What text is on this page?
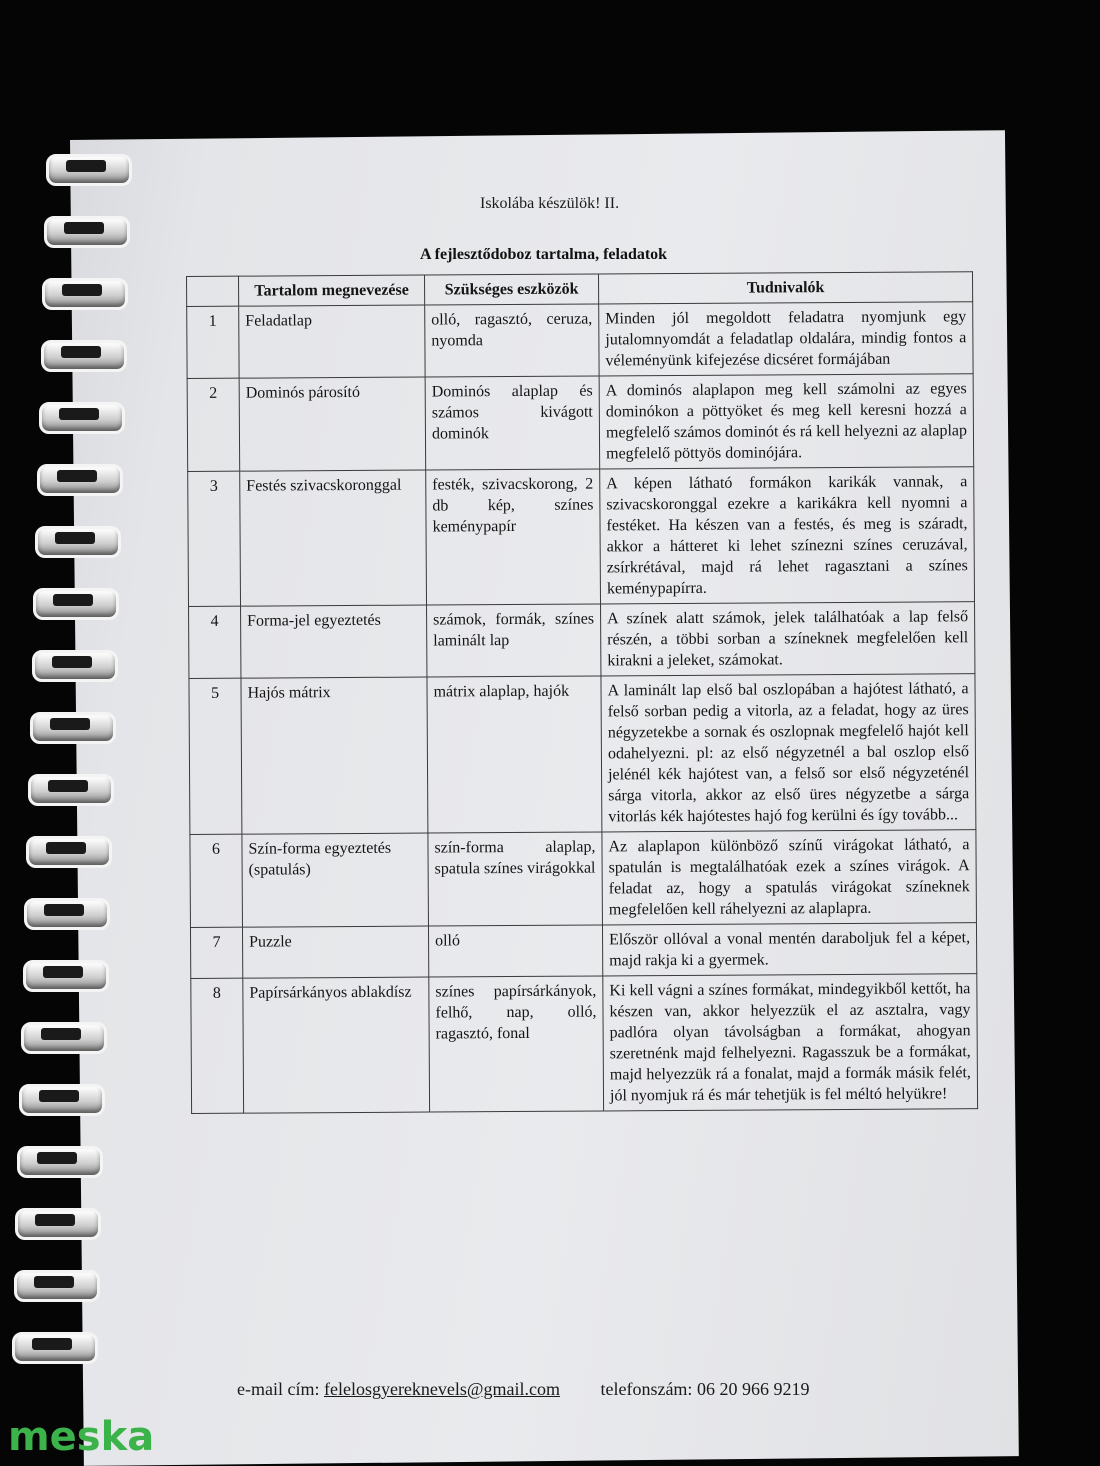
Iskolába készülök! II.
A fejlesztődoboz tartalma, feladatok
	Tartalom megnevezése	Szükséges eszközök	Tudnivalók
1	Feladatlap	olló, ragasztó, ceruza, nyomda	Minden jól megoldott feladatra nyomjunk egy jutalomnyomdát a feladatlap oldalára, mindig fontos a véleményünk kifejezése dicséret formájában
2	Dominós párosító	Dominós alaplap és számos kivágott dominók	A dominós alaplapon meg kell számolni az egyes dominókon a pöttyöket és meg kell keresni hozzá a megfelelő számos dominót és rá kell helyezni az alaplap megfelelő pöttyös dominójára.
3	Festés szivacskoronggal	festék, szivacskorong, 2 db kép, színes keménypapír	A képen látható formákon karikák vannak, a szivacskoronggal ezekre a karikákra kell nyomni a festéket. Ha készen van a festés, és meg is száradt, akkor a hátteret ki lehet színezni színes ceruzával, zsírkrétával, majd rá lehet ragasztani a színes keménypapírra.
4	Forma-jel egyeztetés	számok, formák, színes laminált lap	A színek alatt számok, jelek találhatóak a lap felső részén, a többi sorban a színeknek megfelelően kell kirakni a jeleket, számokat.
5	Hajós mátrix	mátrix alaplap, hajók	A laminált lap első bal oszlopában a hajótest látható, a felső sorban pedig a vitorla, az a feladat, hogy az üres négyzetekbe a sornak és oszlopnak megfelelő hajót kell odahelyezni. pl: az első négyzetnél a bal oszlop első jelénél kék hajótest van, a felső sor első négyzeténél sárga vitorla, akkor az első üres négyzetbe a sárga vitorlás kék hajótestes hajó fog kerülni és így tovább...
6	Szín-forma egyeztetés (spatulás)	szín-forma alaplap, spatula színes virágokkal	Az alaplapon különböző színű virágokat látható, a spatulán is megtalálhatóak ezek a színes virágok. A feladat az, hogy a spatulás virágokat színeknek megfelelően kell ráhelyezni az alaplapra.
7	Puzzle	olló	Először ollóval a vonal mentén daraboljuk fel a képet, majd rakja ki a gyermek.
8	Papírsárkányos ablakdísz	színes papírsárkányok, felhő, nap, olló, ragasztó, fonal	Ki kell vágni a színes formákat, mindegyikből kettőt, ha készen van, akkor helyezzük el az asztalra, vagy padlóra olyan távolságban a formákat, ahogyan szeretnénk majd felhelyezni. Ragasszuk be a formákat, majd helyezzük rá a fonalat, majd a formák másik felét, jól nyomjuk rá és már tehetjük is fel méltó helyükre!
e-mail cím: felelosgyereknevels@gmail.com telefonszám: 06 20 966 9219
meska
